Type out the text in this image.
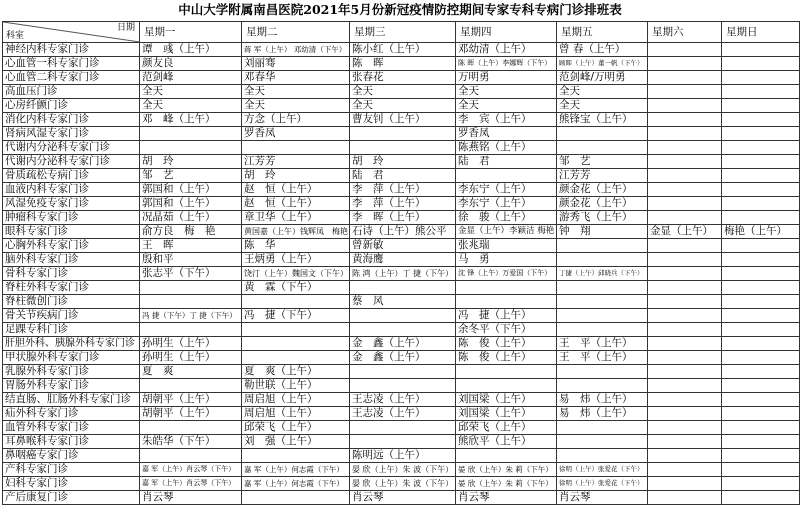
中山大学附属南昌医院2021年5月份新冠疫情防控期间专家专科专病门诊排班表
日期
科室	星期一	星期二	星期三	星期四	星期五	星期六	星期日
神经内科专家门诊	谭　彧（上午）	蒋 军（上午） 邓幼清（下午）	陈小红（上午）	邓幼清（上午）	曾 春（上午）		
心血管一科专家门诊	颜友良	刘丽骞	陈　晖	陈 晖（上午）李娜辉（下午）	顾晖（上午）董一帆（下午）		
心血管二科专家门诊	范剑峰	邓春华	张春花	万明勇	范剑峰/万明勇		
高血压门诊	全天	全天	全天	全天	全天		
心房纤颤门诊	全天	全天	全天	全天	全天		
消化内科专家门诊	邓　峰（上午）	方念（上午）	曹友钊（上午）	李　宾（上午）	熊锋宝（上午）		
肾病风湿专家门诊		罗香凤		罗香凤			
代谢内分泌科专家门诊				陈燕铭（上午）			
代谢内分泌科专家门诊	胡　玲	江芳芳	胡　玲	陆　君	邹　艺		
骨质疏松专病门诊	邹　艺	胡　玲	陆　君		江芳芳		
血液内科专家门诊	郭国和（上午）	赵　恒（上午）	李　萍（上午）	李东宁（上午）	颜金花（上午）		
风湿免疫专家门诊	郭国和（上午）	赵　恒（上午）	李　萍（上午）	李东宁（上午）	颜金花（上午）		
肿瘤科专家门诊	况晶茹（上午）	章卫华（上午）	李　晖（上午）	徐　骏（上午）	游秀飞（上午）		
眼科专家门诊	俞方良　梅　艳	黄国嘉（上午）钱辉凤　梅艳	石诗（上午）熊公平	金显（上午）李颖洁 梅艳	钟　翔	金显（上午）	梅艳（上午）
心胸外科专家门诊	王　晖	陈　华	曾新敏	张兆瑞			
脑外科专家门诊	殷和平	王炳勇（上午）	黄海鹰	马　勇			
骨科专家门诊	张志平（下午）	饶汀（上午）魏国文（下午）	陈 鸿（上午）丁 捷（下午）	沈 锋（上午）万爱国（下午）	丁捷（上午）邱晓兵（下午）		
脊柱外科专家门诊		黄　霖（下午）					
脊柱微创门诊			蔡　风				
骨关节疾病门诊	冯 捷（下午）丁 捷（下午）	冯　捷（下午）		冯　捷（上午）			
足踝专科门诊				余冬平（下午）			
肝胆外科、胰腺外科专家门诊	孙明生（上午）		金　鑫（上午）	陈　俊（上午）	王　平（上午）		
甲状腺外科专家门诊	孙明生（上午）		金　鑫（上午）	陈　俊（上午）	王　平（上午）		
乳腺外科专家门诊	夏　爽	夏　爽（上午）					
胃肠外科专家门诊		勒世联（上午）					
结直肠、肛肠外科专家门诊	胡朝平（上午）	周启旭（上午）	王志凌（上午）	刘国梁（上午）	易　炜（上午）		
疝外科专家门诊	胡朝平（上午）	周启旭（上午）	王志凌（上午）	刘国梁（上午）	易　炜（上午）		
血管外科专家门诊		邱荣飞（上午）		邱荣飞（上午）			
耳鼻喉科专家门诊	朱皓华（下午）	刘　强（上午）		熊欣平（上午）			
鼻咽癌专家门诊			陈明远（上午）				
产科专家门诊	嘉 军（上午）肖云琴（下午）	嘉 军（上午）何志霞（下午）	晏 欣（上午）朱 波（下午）	晏 欣（上午）朱 莉（下午）	徐明（上午）张爱花（下午）		
妇科专家门诊	嘉 军（上午）肖云琴（下午）	嘉 军（上午）何志霞（下午）	晏 欣（上午）朱 波（下午）	晏 欣（上午）朱 莉（下午）	徐明（上午）张爱花（下午）		
产后康复门诊	肖云琴		肖云琴	肖云琴	肖云琴		
